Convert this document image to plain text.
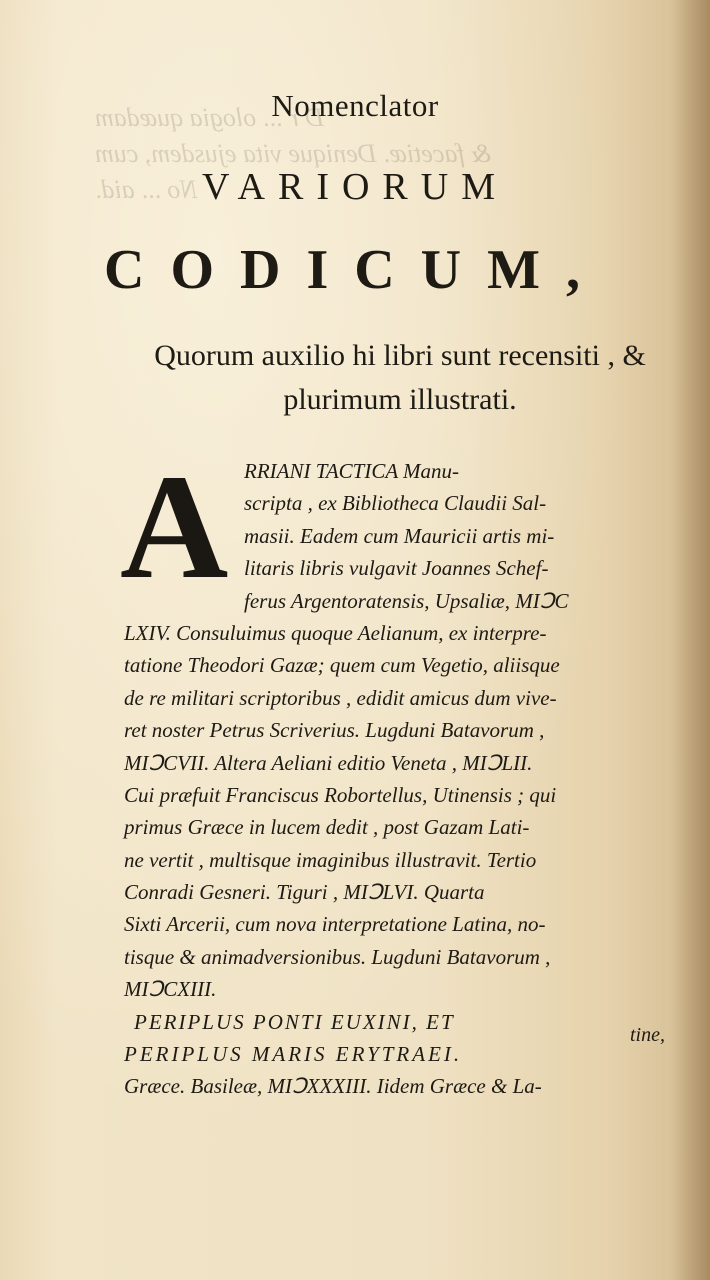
D r ... ologia quædam
& facetiæ. Denique vita ejusdem, cum
No ... aid.
Nomenclator
VARIORUM
CODICUM,
Quorum auxilio hi libri sunt recensiti , &
plurimum illustrati.
A RRIANI TACTICA Manu-
scripta , ex Bibliotheca Claudii Sal-
masii. Eadem cum Mauricii artis mi-
litaris libris vulgavit Joannes Schef-
ferus Argentoratensis, Upsaliæ, MIↃC
LXIV. Consuluimus quoque Aelianum, ex interpre-
tatione Theodori Gazæ; quem cum Vegetio, aliisque
de re militari scriptoribus , edidit amicus dum vive-
ret noster Petrus Scriverius. Lugduni Batavorum ,
MIↃCVII. Altera Aeliani editio Veneta , MIↃLII.
Cui præfuit Franciscus Robortellus, Utinensis ; qui
primus Græce in lucem dedit , post Gazam Lati-
ne vertit , multisque imaginibus illustravit. Tertio
Conradi Gesneri. Tiguri , MIↃLVI. Quarta
Sixti Arcerii, cum nova interpretatione Latina, no-
tisque & animadversionibus. Lugduni Batavorum ,
MIↃCXIII.
PERIPLUS PONTI EUXINI, ET
PERIPLUS MARIS ERYTRAEI.
Græce. Basileæ, MIↃXXXIII. Iidem Græce & La-
tine,
